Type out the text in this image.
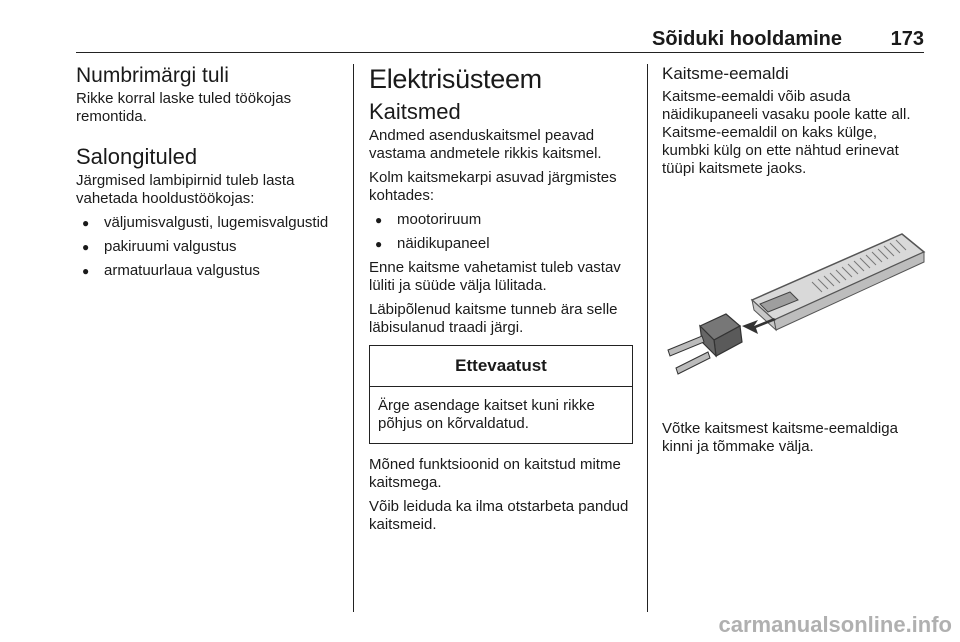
Sõiduki hooldamine 173
Numbrimärgi tuli

Rikke korral laske tuled töökojas remontida.

Salongituled

Järgmised lambipirnid tuleb lasta vahetada hooldustöökojas:

● väljumisvalgusti, lugemisvalgustid
● pakiruumi valgustus
● armatuurlaua valgustus
Elektrisüsteem
Kaitsmed

Andmed asenduskaitsmel peavad vastama andmetele rikkis kaitsmel.

Kolm kaitsmekarpi asuvad järgmistes kohtades:

● mootoriruum
● näidikupaneel

Enne kaitsme vahetamist tuleb vastav lüliti ja süüde välja lülitada.

Läbipõlenud kaitsme tunneb ära selle läbisulanud traadi järgi.

Ettevaatust
Ärge asendage kaitset kuni rikke põhjus on kõrvaldatud.

Mõned funktsioonid on kaitstud mitme kaitsmega.

Võib leiduda ka ilma otstarbeta pandud kaitsmeid.

Kaitsme-eemaldi

Kaitsme-eemaldi võib asuda näidikupaneeli vasaku poole katte all. Kaitsme-eemaldil on kaks külge, kumbki külg on ette nähtud erinevat tüüpi kaitsmete jaoks.

Võtke kaitsmest kaitsme-eemaldiga kinni ja tõmmake välja.

carmanualsonline.info
